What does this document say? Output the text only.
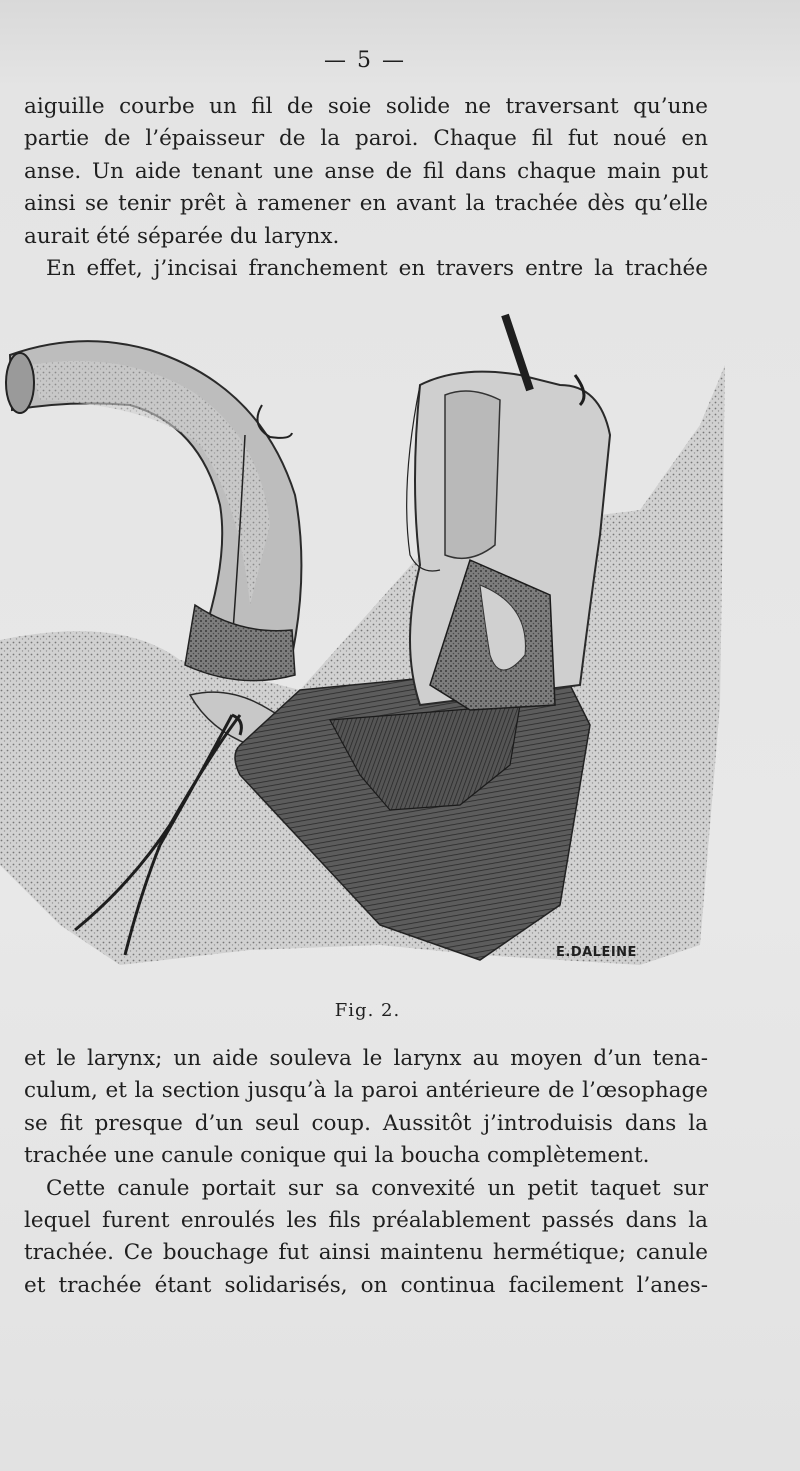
— 5 —
aiguille courbe un fil de soie solide ne traversant qu’une
partie de l’épaisseur de la paroi. Chaque fil fut noué en
anse. Un aide tenant une anse de fil dans chaque main put
ainsi se tenir prêt à ramener en avant la trachée dès qu’elle
aurait été séparée du larynx.
En effet, j’incisai franchement en travers entre la trachée
E.DALEINE
Fig. 2.
et le larynx; un aide souleva le larynx au moyen d’un tena-
culum, et la section jusqu’à la paroi antérieure de l’œsophage
se fit presque d’un seul coup. Aussitôt j’introduisis dans la
trachée une canule conique qui la boucha complètement.
Cette canule portait sur sa convexité un petit taquet sur
lequel furent enroulés les fils préalablement passés dans la
trachée. Ce bouchage fut ainsi maintenu hermétique; canule
et trachée étant solidarisés, on continua facilement l’anes-
